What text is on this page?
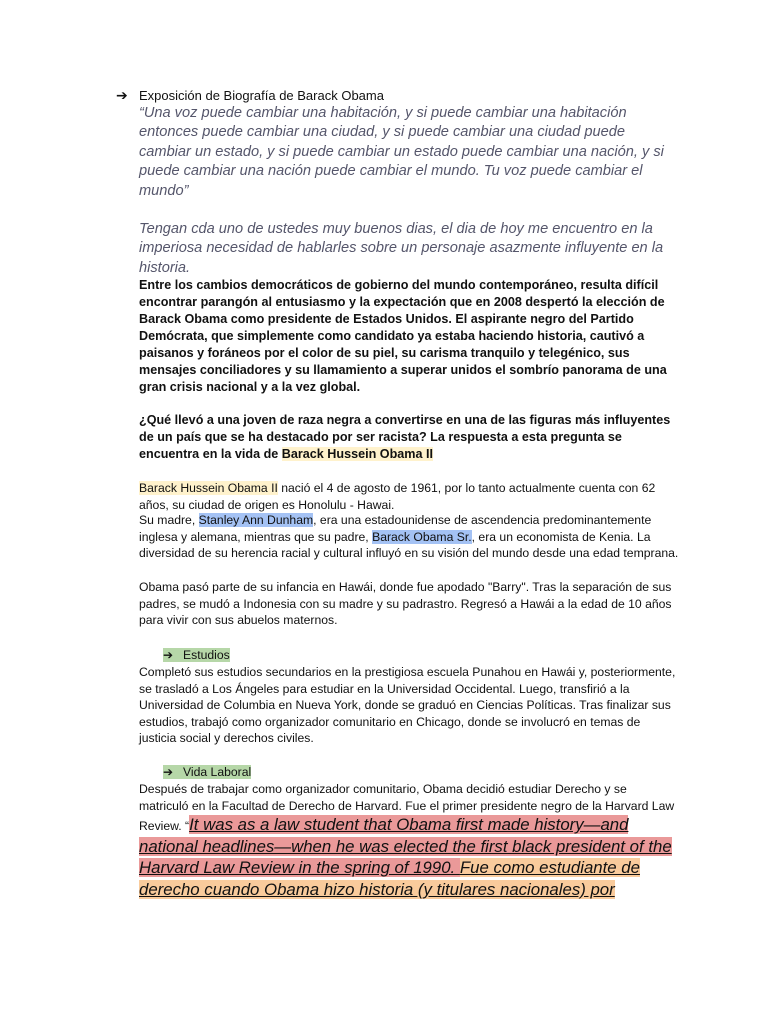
➔ Exposición de Biografía de Barack Obama
“Una voz puede cambiar una habitación, y si puede cambiar una habitación entonces puede cambiar una ciudad, y si puede cambiar una ciudad puede cambiar un estado, y si puede cambiar un estado puede cambiar una nación, y si puede cambiar una nación puede cambiar el mundo. Tu voz puede cambiar el mundo”
Tengan cda uno de ustedes muy buenos dias, el dia de hoy me encuentro en la imperiosa necesidad de hablarles sobre un personaje asazmente influyente en la historia.
Entre los cambios democráticos de gobierno del mundo contemporáneo, resulta difícil encontrar parangón al entusiasmo y la expectación que en 2008 despertó la elección de Barack Obama como presidente de Estados Unidos. El aspirante negro del Partido Demócrata, que simplemente como candidato ya estaba haciendo historia, cautivó a paisanos y foráneos por el color de su piel, su carisma tranquilo y telegénico, sus mensajes conciliadores y su llamamiento a superar unidos el sombrío panorama de una gran crisis nacional y a la vez global.
¿Qué llevó a una joven de raza negra a convertirse en una de las figuras más influyentes de un país que se ha destacado por ser racista? La respuesta a esta pregunta se encuentra en la vida de Barack Hussein Obama II
Barack Hussein Obama II nació el 4 de agosto de 1961, por lo tanto actualmente cuenta con 62 años, su ciudad de origen es Honolulu - Hawai.
Su madre, Stanley Ann Dunham, era una estadounidense de ascendencia predominantemente inglesa y alemana, mientras que su padre, Barack Obama Sr., era un economista de Kenia. La diversidad de su herencia racial y cultural influyó en su visión del mundo desde una edad temprana.
Obama pasó parte de su infancia en Hawái, donde fue apodado "Barry". Tras la separación de sus padres, se mudó a Indonesia con su madre y su padrastro. Regresó a Hawái a la edad de 10 años para vivir con sus abuelos maternos.
➔ Estudios
Completó sus estudios secundarios en la prestigiosa escuela Punahou en Hawái y, posteriormente, se trasladó a Los Ángeles para estudiar en la Universidad Occidental. Luego, transfirió a la Universidad de Columbia en Nueva York, donde se graduó en Ciencias Políticas. Tras finalizar sus estudios, trabajó como organizador comunitario en Chicago, donde se involucró en temas de justicia social y derechos civiles.
➔ Vida Laboral
Después de trabajar como organizador comunitario, Obama decidió estudiar Derecho y se matriculó en la Facultad de Derecho de Harvard. Fue el primer presidente negro de la Harvard Law Review. “It was as a law student that Obama first made history—and national headlines—when he was elected the first black president of the Harvard Law Review in the spring of 1990. Fue como estudiante de derecho cuando Obama hizo historia (y titulares nacionales) por
